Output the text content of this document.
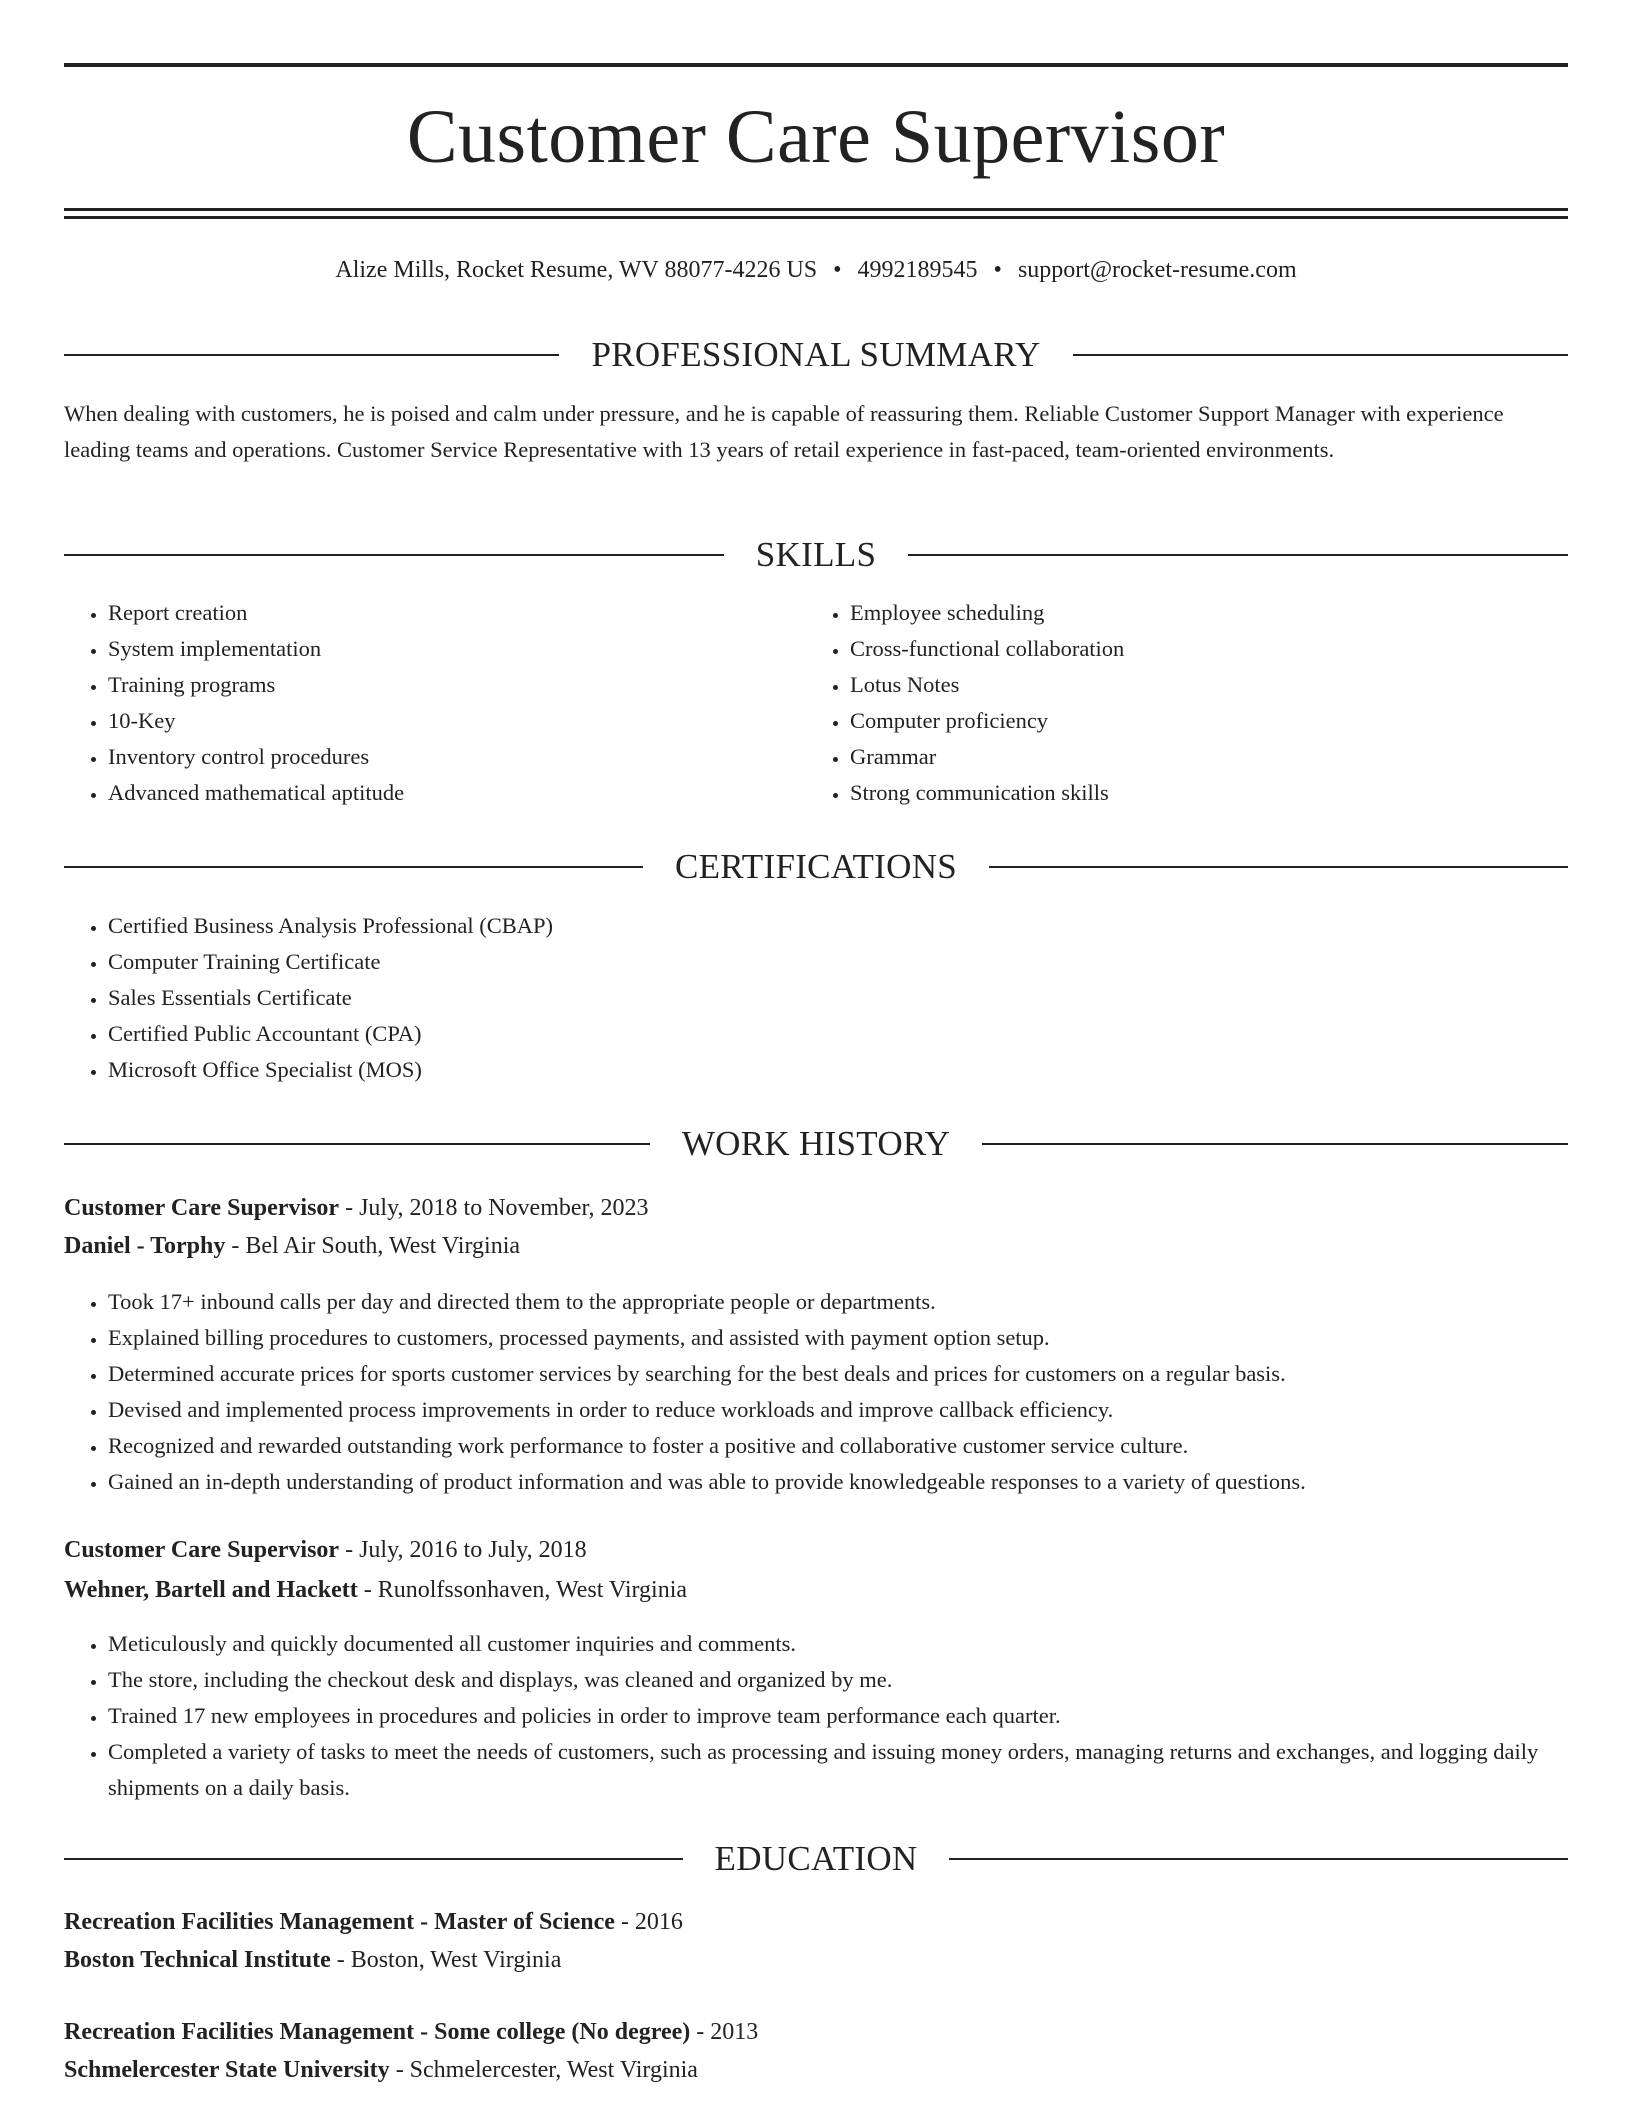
Customer Care Supervisor
Alize Mills, Rocket Resume, WV 88077-4226 US • 4992189545 • support@rocket-resume.com
PROFESSIONAL SUMMARY
When dealing with customers, he is poised and calm under pressure, and he is capable of reassuring them. Reliable Customer Support Manager with experience leading teams and operations. Customer Service Representative with 13 years of retail experience in fast-paced, team-oriented environments.
SKILLS
• Report creation
• System implementation
• Training programs
• 10-Key
• Inventory control procedures
• Advanced mathematical aptitude
• Employee scheduling
• Cross-functional collaboration
• Lotus Notes
• Computer proficiency
• Grammar
• Strong communication skills
CERTIFICATIONS
• Certified Business Analysis Professional (CBAP)
• Computer Training Certificate
• Sales Essentials Certificate
• Certified Public Accountant (CPA)
• Microsoft Office Specialist (MOS)
WORK HISTORY
Customer Care Supervisor - July, 2018 to November, 2023
Daniel - Torphy - Bel Air South, West Virginia
• Took 17+ inbound calls per day and directed them to the appropriate people or departments.
• Explained billing procedures to customers, processed payments, and assisted with payment option setup.
• Determined accurate prices for sports customer services by searching for the best deals and prices for customers on a regular basis.
• Devised and implemented process improvements in order to reduce workloads and improve callback efficiency.
• Recognized and rewarded outstanding work performance to foster a positive and collaborative customer service culture.
• Gained an in-depth understanding of product information and was able to provide knowledgeable responses to a variety of questions.
Customer Care Supervisor - July, 2016 to July, 2018
Wehner, Bartell and Hackett - Runolfssonhaven, West Virginia
• Meticulously and quickly documented all customer inquiries and comments.
• The store, including the checkout desk and displays, was cleaned and organized by me.
• Trained 17 new employees in procedures and policies in order to improve team performance each quarter.
• Completed a variety of tasks to meet the needs of customers, such as processing and issuing money orders, managing returns and exchanges, and logging daily shipments on a daily basis.
EDUCATION
Recreation Facilities Management - Master of Science - 2016
Boston Technical Institute - Boston, West Virginia
Recreation Facilities Management - Some college (No degree) - 2013
Schmelercester State University - Schmelercester, West Virginia
